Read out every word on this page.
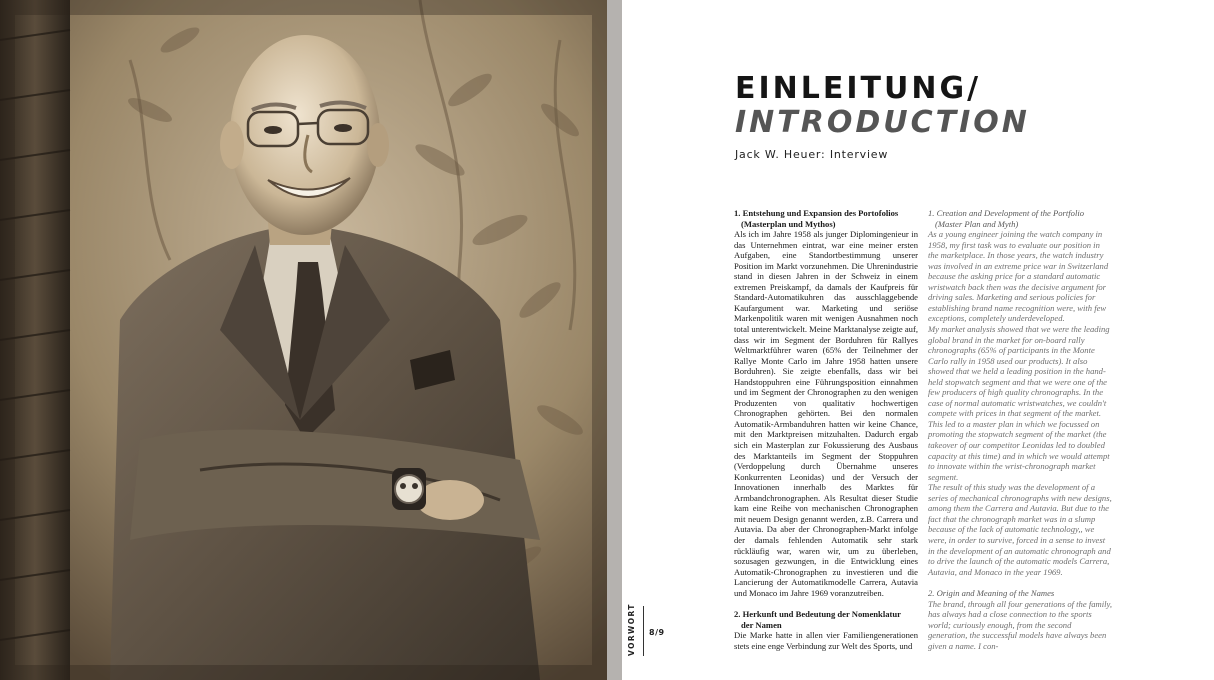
EINLEITUNG/
INTRODUCTION
Jack W. Heuer: Interview

1. Entstehung und Expansion des Portofolios

(Masterplan und Mythos)

Als ich im Jahre 1958 als junger Diplomingenieur in das Unternehmen eintrat, war eine meiner ersten Aufgaben, eine Standortbestimmung unserer Position im Markt vorzunehmen. Die Uhrenindustrie stand in diesen Jahren in der Schweiz in einem extremen Preiskampf, da damals der Kaufpreis für Standard-Automatikuhren das ausschlaggebende Kaufargument war. Marketing und seriöse Markenpolitik waren mit wenigen Ausnahmen noch total unterentwickelt. Meine Marktanalyse zeigte auf, dass wir im Segment der Borduhren für Rallyes Weltmarktführer waren (65% der Teilnehmer der Rallye Monte Carlo im Jahre 1958 hatten unsere Borduhren). Sie zeigte ebenfalls, dass wir bei Handstoppuhren eine Führungsposition einnahmen und im Segment der Chronographen zu den wenigen Produzenten von qualitativ hochwertigen Chronographen gehörten. Bei den normalen Automatik-Armbanduhren hatten wir keine Chance, mit den Marktpreisen mitzuhalten. Dadurch ergab sich ein Masterplan zur Fokussierung des Ausbaus des Marktanteils im Segment der Stoppuhren (Verdoppelung durch Übernahme unseres Konkurrenten Leonidas) und der Versuch der Innovationen innerhalb des Marktes für Armbandchronographen. Als Resultat dieser Studie kam eine Reihe von mechanischen Chronographen mit neuem Design genannt werden, z.B. Carrera und Autavia. Da aber der Chronographen-Markt infolge der damals fehlenden Automatik sehr stark rückläufig war, waren wir, um zu überleben, sozusagen gezwungen, in die Entwicklung eines Automatik-Chronographen zu investieren und die Lancierung der Automatikmodelle Carrera, Autavia und Monaco im Jahre 1969 voranzutreiben.

2. Herkunft und Bedeutung der Nomenklatur

der Namen

Die Marke hatte in allen vier Familiengenerationen stets eine enge Verbindung zur Welt des Sports, und

1. Creation and Development of the Portfolio

(Master Plan and Myth)

As a young engineer joining the watch company in 1958, my first task was to evaluate our position in the marketplace. In those years, the watch industry was involved in an extreme price war in Switzerland because the asking price for a standard automatic wristwatch back then was the decisive argument for driving sales. Marketing and serious policies for establishing brand name recognition were, with few exceptions, completely underdeveloped.

My market analysis showed that we were the leading global brand in the market for on-board rally chronographs (65% of participants in the Monte Carlo rally in 1958 used our products). It also showed that we held a leading position in the hand-held stopwatch segment and that we were one of the few producers of high quality chronographs. In the case of normal automatic wristwatches, we couldn't compete with prices in that segment of the market. This led to a master plan in which we focussed on promoting the stopwatch segment of the market (the takeover of our competitor Leonidas led to doubled capacity at this time) and in which we would attempt to innovate within the wrist-chronograph market segment.

The result of this study was the development of a series of mechanical chronographs with new designs, among them the Carrera and Autavia. But due to the fact that the chronograph market was in a slump because of the lack of automatic technology,, we were, in order to survive, forced in a sense to invest in the development of an automatic chronograph and to drive the launch of the automatic models Carrera, Autavia, and Monaco in the year 1969.

2. Origin and Meaning of the Names

The brand, through all four generations of the family, has always had a close connection to the sports world; curiously enough, from the second generation, the successful models have always been given a name. I con-

VORWORT 8/9
